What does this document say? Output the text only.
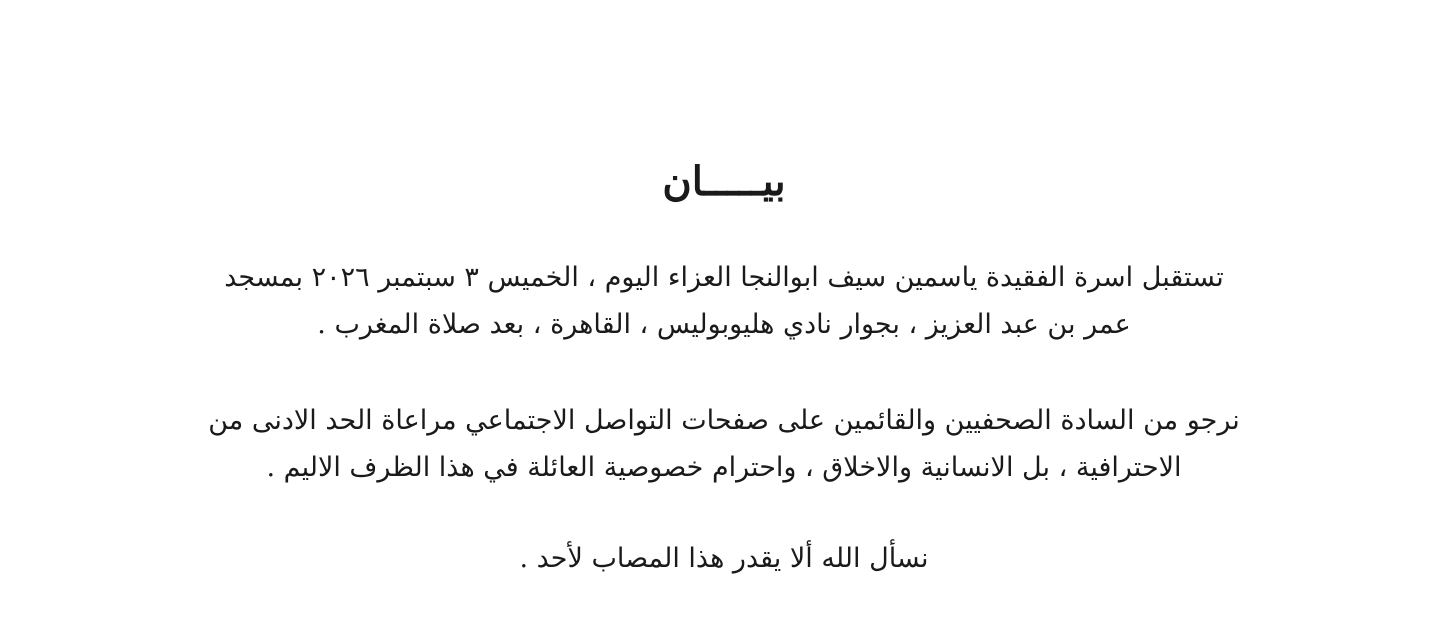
بيـــــان
تستقبل اسرة الفقيدة ياسمين سيف ابوالنجا العزاء اليوم ، الخميس ٣ سبتمبر ٢٠٢٦ بمسجد
عمر بن عبد العزيز ، بجوار نادي هليوبوليس ، القاهرة ، بعد صلاة المغرب .
نرجو من السادة الصحفيين والقائمين على صفحات التواصل الاجتماعي مراعاة الحد الادنى من
الاحترافية ، بل الانسانية والاخلاق ، واحترام خصوصية العائلة في هذا الظرف الاليم .
نسأل الله ألا يقدر هذا المصاب لأحد .
